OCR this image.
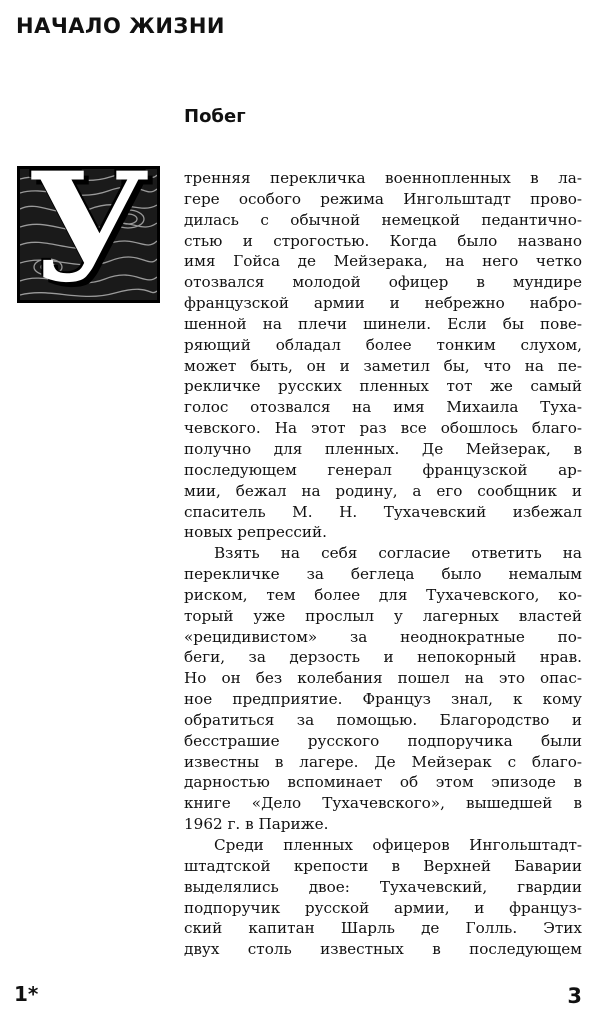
НАЧАЛО ЖИЗНИ
Побег
У	тренняя перекличка военнопленных в ла-
гере особого режима Ингольштадт прово-
дилась с обычной немецкой педантичнo-
стью и строгостью. Когда было названо
имя Гойса де Мейзерака, на него четко
отозвался молодой офицер в мундире
французской армии и небрежно набро-
шенной на плечи шинели. Если бы пове-
ряющий обладал более тонким слухом,
может быть, он и заметил бы, что на пе-
рекличке русских пленных тот же самый
голос отозвался на имя Михаила Туха-
чевского. На этот раз все обошлось благо-
получно для пленных. Де Мейзерак, в
последующем генерал французской ар-
мии, бежал на родину, а его сообщник и
спаситель М. Н. Тухачевский избежал
новых репрессий.
Взять на себя согласие ответить на
перекличке за беглеца было немалым
риском, тем более для Тухачевского, ко-
торый уже прослыл у лагерных властей
«рецидивистом» за неоднократные по-
беги, за дерзость и непокорный нрав.
Но он без колебания пошел на это опас-
ное предприятие. Француз знал, к кому
обратиться за помощью. Благородство и
бесстрашие русского подпоручика были
известны в лагере. Де Мейзерак с благо-
дарностью вспоминает об этом эпизоде в
книге «Дело Тухачевского», вышедшей в
1962 г. в Париже.
Среди пленных офицеров Ингольштадт-
штадтской крепости в Верхней Баварии
выделялись двое: Тухачевский, гвардии
подпоручик русской армии, и француз-
ский капитан Шарль де Голль. Этих
двух столь известных в последующем
1*	3
